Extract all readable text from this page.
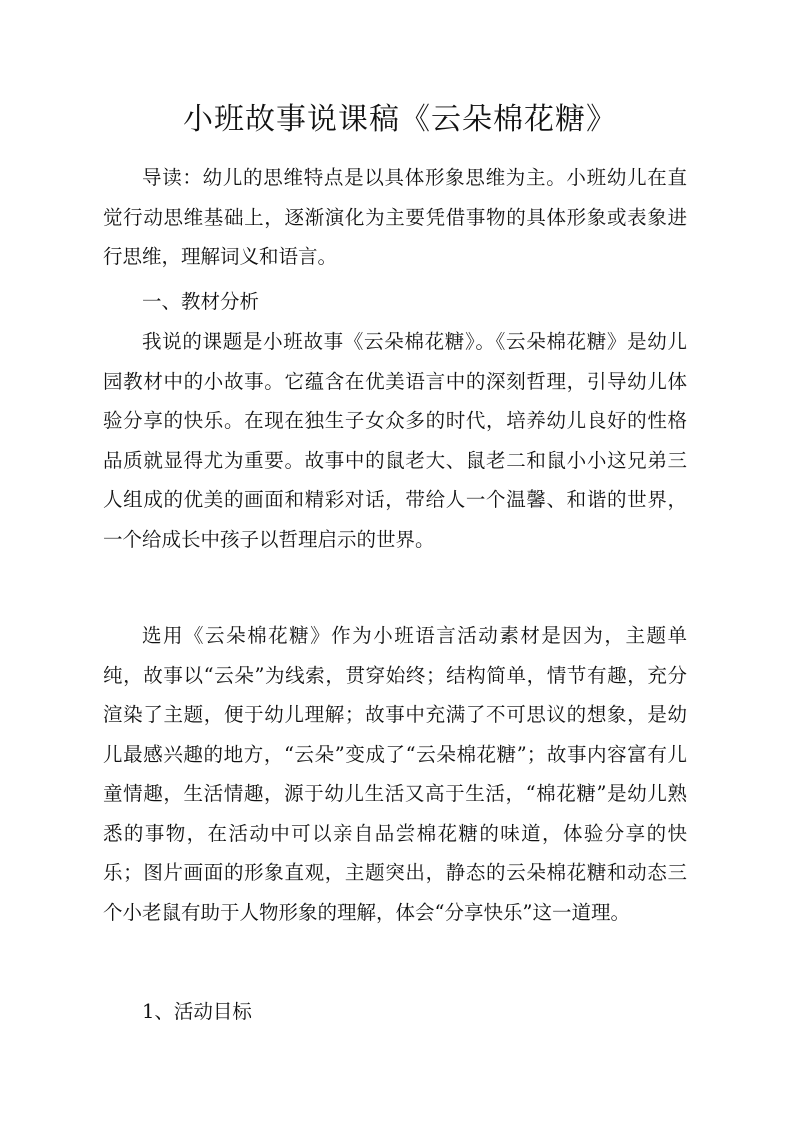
小班故事说课稿《云朵棉花糖》

导读：幼儿的思维特点是以具体形象思维为主。小班幼儿在直觉行动思维基础上，逐渐演化为主要凭借事物的具体形象或表象进行思维，理解词义和语言。

一、教材分析

我说的课题是小班故事《云朵棉花糖》。《云朵棉花糖》是幼儿园教材中的小故事。它蕴含在优美语言中的深刻哲理，引导幼儿体验分享的快乐。在现在独生子女众多的时代，培养幼儿良好的性格品质就显得尤为重要。故事中的鼠老大、鼠老二和鼠小小这兄弟三人组成的优美的画面和精彩对话，带给人一个温馨、和谐的世界，一个给成长中孩子以哲理启示的世界。

选用《云朵棉花糖》作为小班语言活动素材是因为，主题单纯，故事以“云朵”为线索，贯穿始终；结构简单，情节有趣，充分渲染了主题，便于幼儿理解；故事中充满了不可思议的想象，是幼儿最感兴趣的地方，“云朵”变成了“云朵棉花糖”；故事内容富有儿童情趣，生活情趣，源于幼儿生活又高于生活，“棉花糖”是幼儿熟悉的事物，在活动中可以亲自品尝棉花糖的味道，体验分享的快乐；图片画面的形象直观，主题突出，静态的云朵棉花糖和动态三个小老鼠有助于人物形象的理解，体会“分享快乐”这一道理。

1、活动目标
